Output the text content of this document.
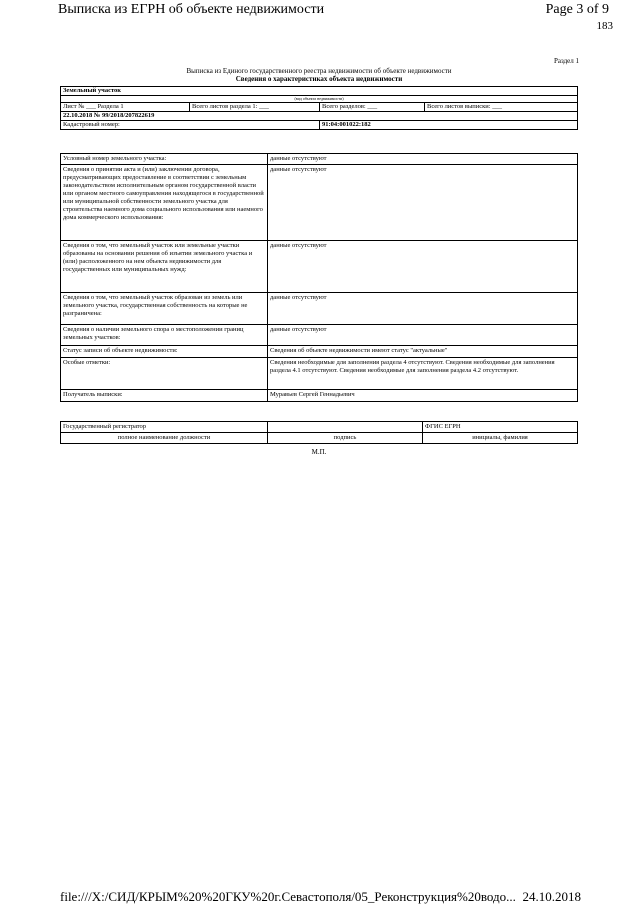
Выписка из ЕГРН об объекте недвижимости	Page 3 of 9
183
Раздел 1
Выписка из Единого государственного реестра недвижимости об объекте недвижимости
Сведения о характеристиках объекта недвижимости
Земельный участок
(вид объекта недвижимости)
Лист № ___ Раздела 1	Всего листов раздела 1: ___	Всего разделов: ___	Всего листов выписки: ___
22.10.2018 № 99/2018/207822619
Кадастровый номер:	91:04:001022:182
Условный номер земельного участка:	данные отсутствуют
Сведения о принятии акта и (или) заключении договора, предусматривающих предоставление в соответствии с земельным законодательством исполнительным органом государственной власти или органом местного самоуправления находящегося в государственной или муниципальной собственности земельного участка для строительства наемного дома социального использования или наемного дома коммерческого использования:	данные отсутствуют
Сведения о том, что земельный участок или земельные участки образованы на основании решения об изъятии земельного участка и (или) расположенного на нем объекта недвижимости для государственных или муниципальных нужд:	данные отсутствуют
Сведения о том, что земельный участок образован из земель или земельного участка, государственная собственность на которые не разграничена:	данные отсутствуют
Сведения о наличии земельного спора о местоположении границ земельных участков:	данные отсутствуют
Статус записи об объекте недвижимости:	Сведения об объекте недвижимости имеют статус "актуальные"
Особые отметки:	Сведения необходимые для заполнения раздела 4 отсутствуют. Сведения необходимые для заполнения раздела 4.1 отсутствуют. Сведения необходимые для заполнения раздела 4.2 отсутствуют.
Получатель выписки:	Муравьев Сергей Геннадьевич
Государственный регистратор		ФГИС ЕГРН
полное наименование должности	подпись	инициалы, фамилия
М.П.
file:///X:/СИД/КРЫМ%20%20ГКУ%20г.Севастополя/05_Реконструкция%20водо... 24.10.2018
